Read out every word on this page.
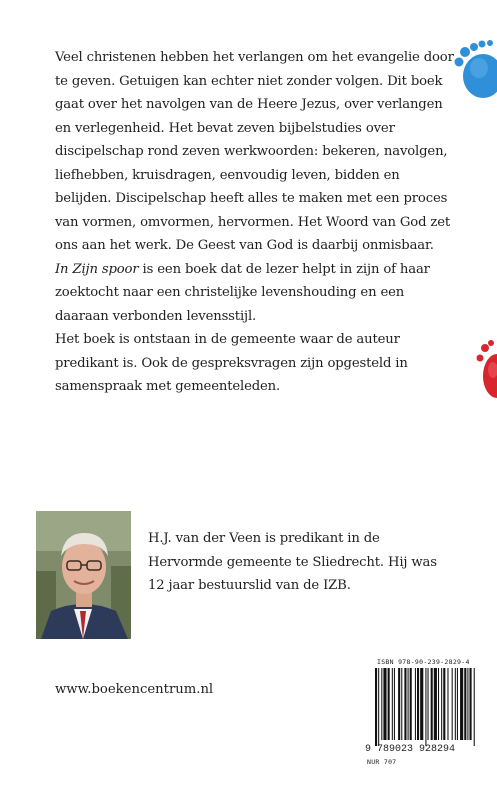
Veel christenen hebben het verlangen om het evangelie door te geven. Getuigen kan echter niet zonder volgen. Dit boek gaat over het navolgen van de Heere Jezus, over verlangen en verlegenheid. Het bevat zeven bijbelstudies over discipelschap rond zeven werkwoorden: bekeren, navolgen, liefhebben, kruisdragen, eenvoudig leven, bidden en belijden. Discipelschap heeft alles te maken met een proces van vormen, omvormen, hervormen. Het Woord van God zet ons aan het werk. De Geest van God is daarbij onmisbaar.

In Zijn spoor is een boek dat de lezer helpt in zijn of haar zoektocht naar een christelijke levenshouding en een daaraan verbonden levensstijl.

Het boek is ontstaan in de gemeente waar de auteur predikant is. Ook de gespreksvragen zijn opgesteld in samenspraak met gemeenteleden.

H.J. van der Veen is predikant in de Hervormde gemeente te Sliedrecht. Hij was 12 jaar bestuurslid van de IZB.
www.boekencentrum.nl
ISBN 978-90-239-2829-4
9 789023 928294
NUR 707
